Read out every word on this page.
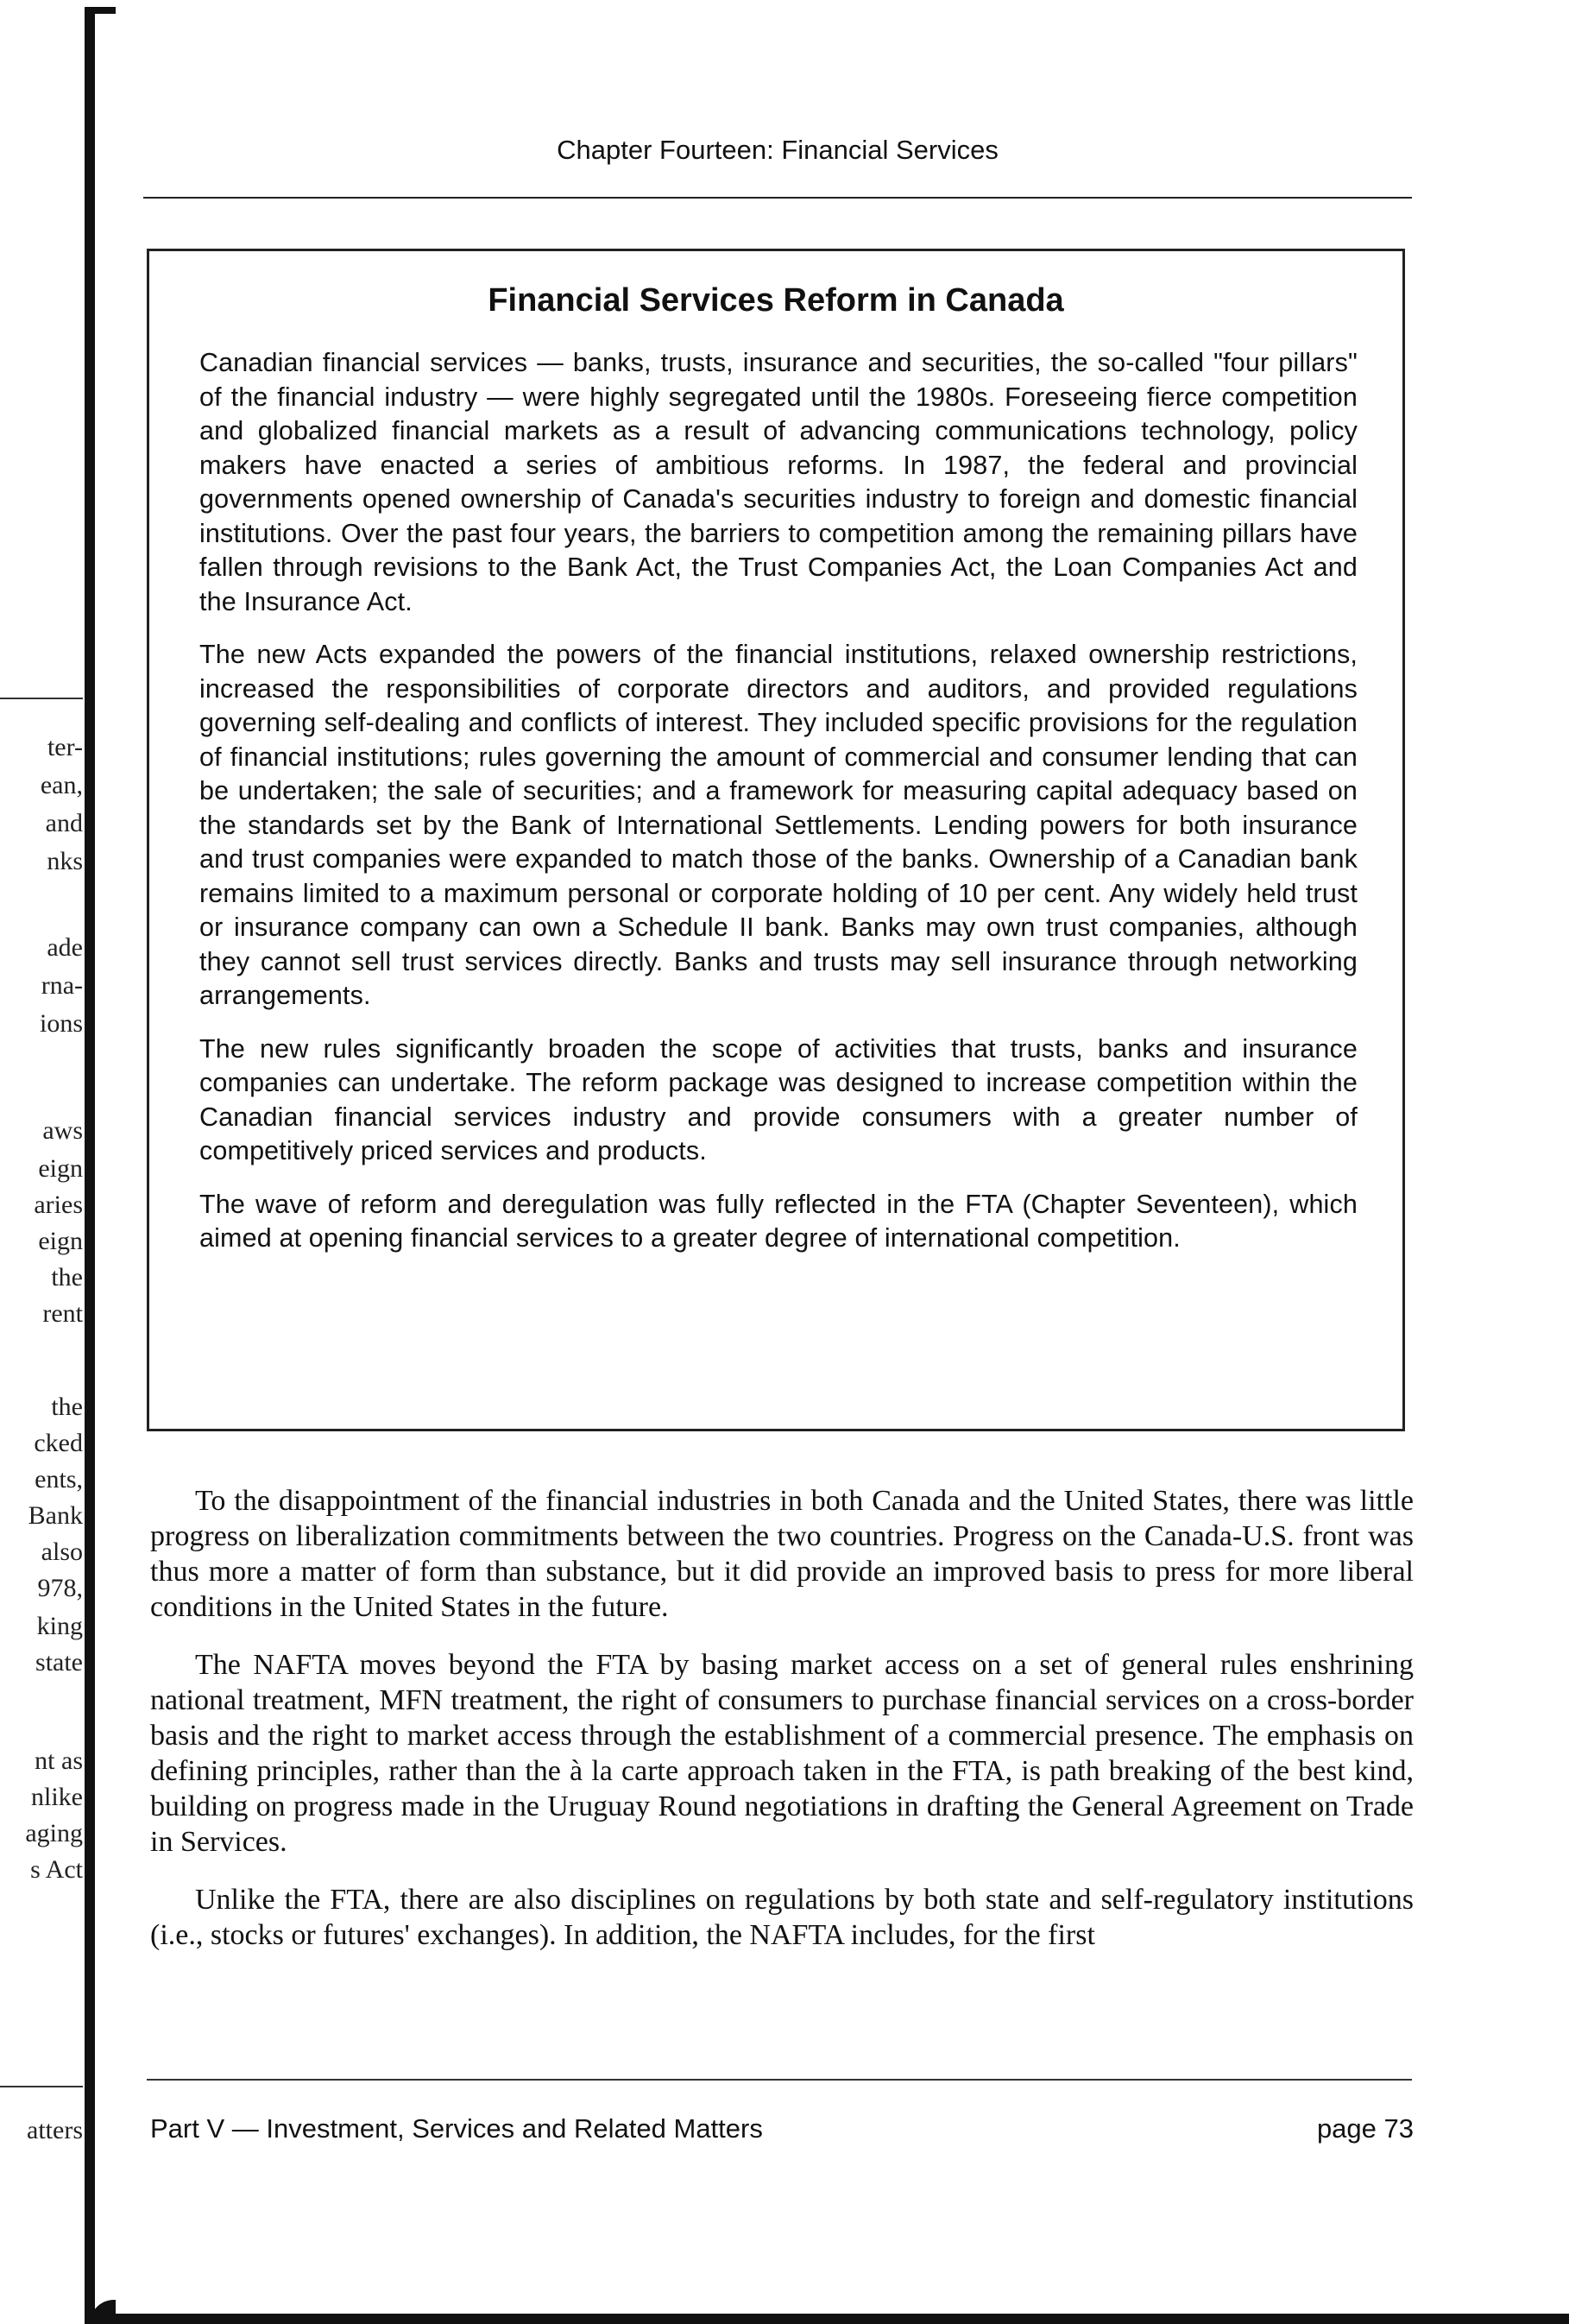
ter-
ean,
and
nks
ade
rna-
ions
aws
eign
aries
eign
the
rent
the
cked
ents,
Bank
also
978,
king
state
nt as
nlike
aging
s Act
atters
Chapter Fourteen: Financial Services
Financial Services Reform in Canada

Canadian financial services — banks, trusts, insurance and securities, the so-called "four pillars" of the financial industry — were highly segregated until the 1980s. Foreseeing fierce competition and globalized financial markets as a result of advancing communications technology, policy makers have enacted a series of ambitious reforms. In 1987, the federal and provincial governments opened ownership of Canada's securities industry to foreign and domestic financial institutions. Over the past four years, the barriers to competition among the remaining pillars have fallen through revisions to the Bank Act, the Trust Companies Act, the Loan Companies Act and the Insurance Act.

The new Acts expanded the powers of the financial institutions, relaxed ownership restrictions, increased the responsibilities of corporate directors and auditors, and provided regulations governing self-dealing and conflicts of interest. They included specific provisions for the regulation of financial institutions; rules governing the amount of commercial and consumer lending that can be undertaken; the sale of securities; and a framework for measuring capital adequacy based on the standards set by the Bank of International Settlements. Lending powers for both insurance and trust companies were expanded to match those of the banks. Ownership of a Canadian bank remains limited to a maximum personal or corporate holding of 10 per cent. Any widely held trust or insurance company can own a Schedule II bank. Banks may own trust companies, although they cannot sell trust services directly. Banks and trusts may sell insurance through networking arrangements.

The new rules significantly broaden the scope of activities that trusts, banks and insurance companies can undertake. The reform package was designed to increase competition within the Canadian financial services industry and provide consumers with a greater number of competitively priced services and products.

The wave of reform and deregulation was fully reflected in the FTA (Chapter Seventeen), which aimed at opening financial services to a greater degree of international competition.

To the disappointment of the financial industries in both Canada and the United States, there was little progress on liberalization commitments between the two countries. Progress on the Canada-U.S. front was thus more a matter of form than substance, but it did provide an improved basis to press for more liberal conditions in the United States in the future.

The NAFTA moves beyond the FTA by basing market access on a set of general rules enshrining national treatment, MFN treatment, the right of consumers to purchase financial services on a cross-border basis and the right to market access through the establishment of a commercial presence. The emphasis on defining principles, rather than the à la carte approach taken in the FTA, is path breaking of the best kind, building on progress made in the Uruguay Round negotiations in drafting the General Agreement on Trade in Services.

Unlike the FTA, there are also disciplines on regulations by both state and self-regulatory institutions (i.e., stocks or futures' exchanges). In addition, the NAFTA includes, for the first

Part V — Investment, Services and Related Matters	page 73
